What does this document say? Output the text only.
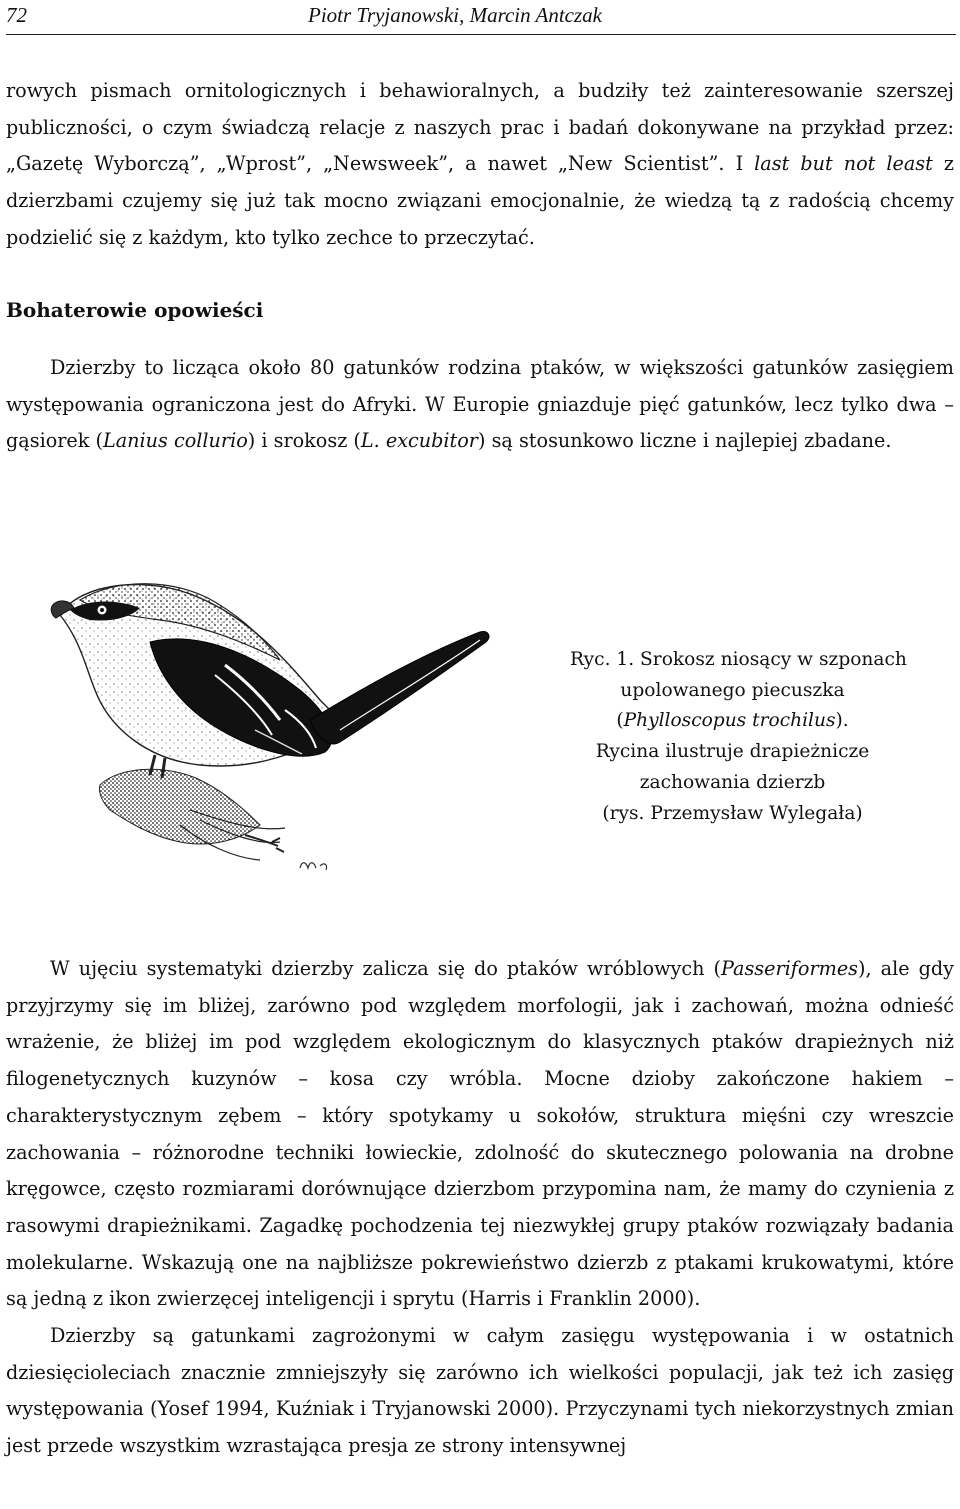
72	Piotr Tryjanowski, Marcin Antczak

rowych pismach ornitologicznych i behawioralnych, a budziły też zainteresowanie szerszej publiczności, o czym świadczą relacje z naszych prac i badań dokonywane na przykład przez: „Gazetę Wyborczą”, „Wprost”, „Newsweek”, a nawet „New Scientist”. I last but not least z dzierzbami czujemy się już tak mocno związani emocjonalnie, że wiedzą tą z radością chcemy podzielić się z każdym, kto tylko zechce to przeczytać.

Bohaterowie opowieści

Dzierzby to licząca około 80 gatunków rodzina ptaków, w większości gatunków zasięgiem występowania ograniczona jest do Afryki. W Europie gniazduje pięć gatunków, lecz tylko dwa – gąsiorek (Lanius collurio) i srokosz (L. excubitor) są stosunkowo liczne i najlepiej zbadane.

Ryc. 1. Srokosz niosący w szponach
upolowanego piecuszka
(Phylloscopus trochilus).
Rycina ilustruje drapieżnicze
zachowania dzierzb
(rys. Przemysław Wylegała)

W ujęciu systematyki dzierzby zalicza się do ptaków wróblowych (Passeriformes), ale gdy przyjrzymy się im bliżej, zarówno pod względem morfologii, jak i zachowań, można odnieść wrażenie, że bliżej im pod względem ekologicznym do klasycznych ptaków drapieżnych niż filogenetycznych kuzynów – kosa czy wróbla. Mocne dzioby zakończone hakiem – charakterystycznym zębem – który spotykamy u sokołów, struktura mięśni czy wreszcie zachowania – różnorodne techniki łowieckie, zdolność do skutecznego polowania na drobne kręgowce, często rozmiarami dorównujące dzierzbom przypomina nam, że mamy do czynienia z rasowymi drapieżnikami. Zagadkę pochodzenia tej niezwykłej grupy ptaków rozwiązały badania molekularne. Wskazują one na najbliższe pokrewieństwo dzierzb z ptakami krukowatymi, które są jedną z ikon zwierzęcej inteligencji i sprytu (Harris i Franklin 2000).

Dzierzby są gatunkami zagrożonymi w całym zasięgu występowania i w ostatnich dziesięcioleciach znacznie zmniejszyły się zarówno ich wielkości populacji, jak też ich zasięg występowania (Yosef 1994, Kuźniak i Tryjanowski 2000). Przyczynami tych niekorzystnych zmian jest przede wszystkim wzrastająca presja ze strony intensywnej
